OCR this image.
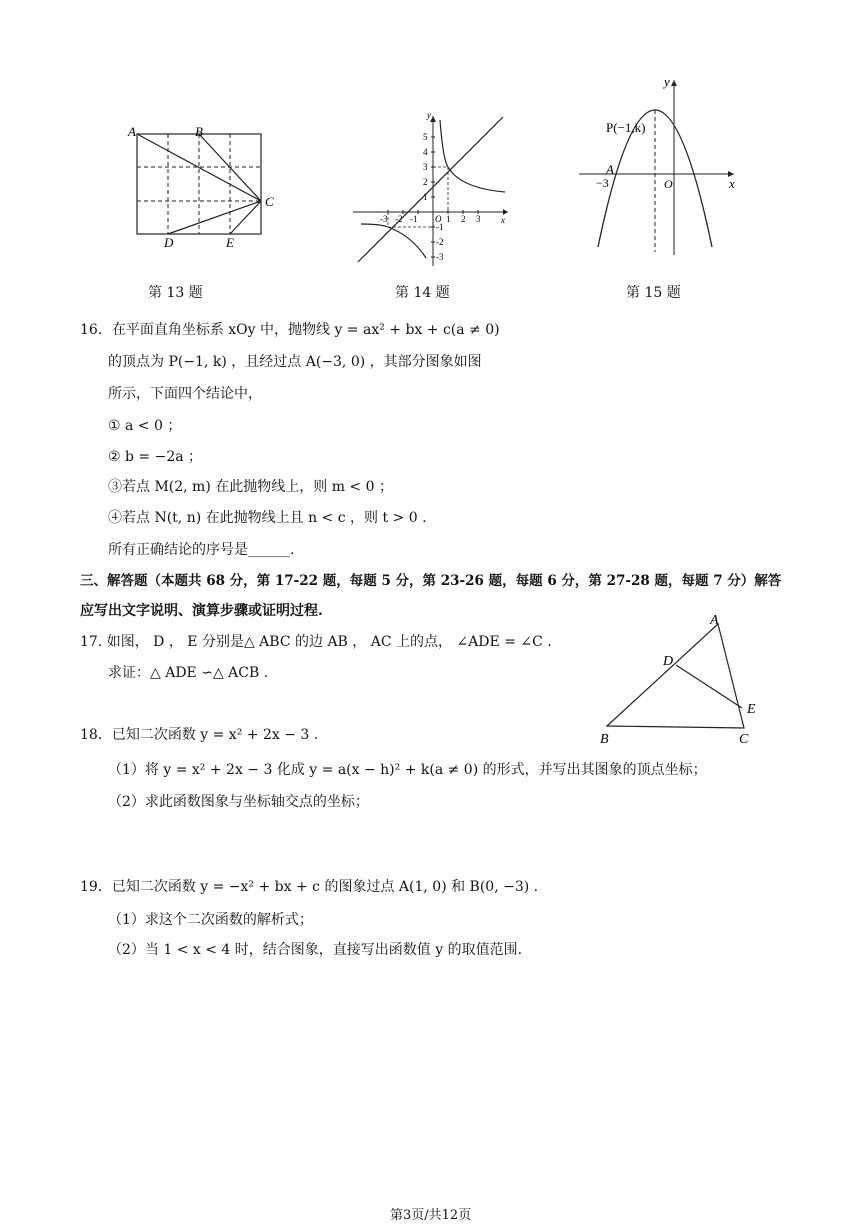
A	B
C
D	E
第 13 题
-3 -2 -1	1 2 3
5
4
3
2
1
-1
-2
-3
O	x
y
第 14 题
P(−1,k)
A
−3	O	x
y
第 15 题
16．在平面直角坐标系 xOy 中，抛物线 y = ax² + bx + c(a ≠ 0)
的顶点为 P(−1, k) ，且经过点 A(−3, 0) ，其部分图象如图
所示，下面四个结论中，
① a < 0 ；
② b = −2a ；
③若点 M(2, m) 在此抛物线上，则 m < 0 ；
④若点 N(t, n) 在此抛物线上且 n < c ，则 t > 0 .
所有正确结论的序号是______.
三、解答题（本题共 68 分，第 17-22 题，每题 5 分，第 23-26 题，每题 6 分，第 27-28 题，每题 7 分）解答
应写出文字说明、演算步骤或证明过程.
17. 如图， D ， E 分别是△ ABC 的边 AB ， AC 上的点， ∠ADE = ∠C .
求证：△ ADE ∽△ ACB .
A
D
E
B	C
18．已知二次函数 y = x² + 2x − 3 .
（1）将 y = x² + 2x − 3 化成 y = a(x − h)² + k(a ≠ 0) 的形式，并写出其图象的顶点坐标；
（2）求此函数图象与坐标轴交点的坐标；
19．已知二次函数 y = −x² + bx + c 的图象过点 A(1, 0) 和 B(0, −3) .
（1）求这个二次函数的解析式；
（2）当 1 < x < 4 时，结合图象，直接写出函数值 y 的取值范围.
第3页/共12页
